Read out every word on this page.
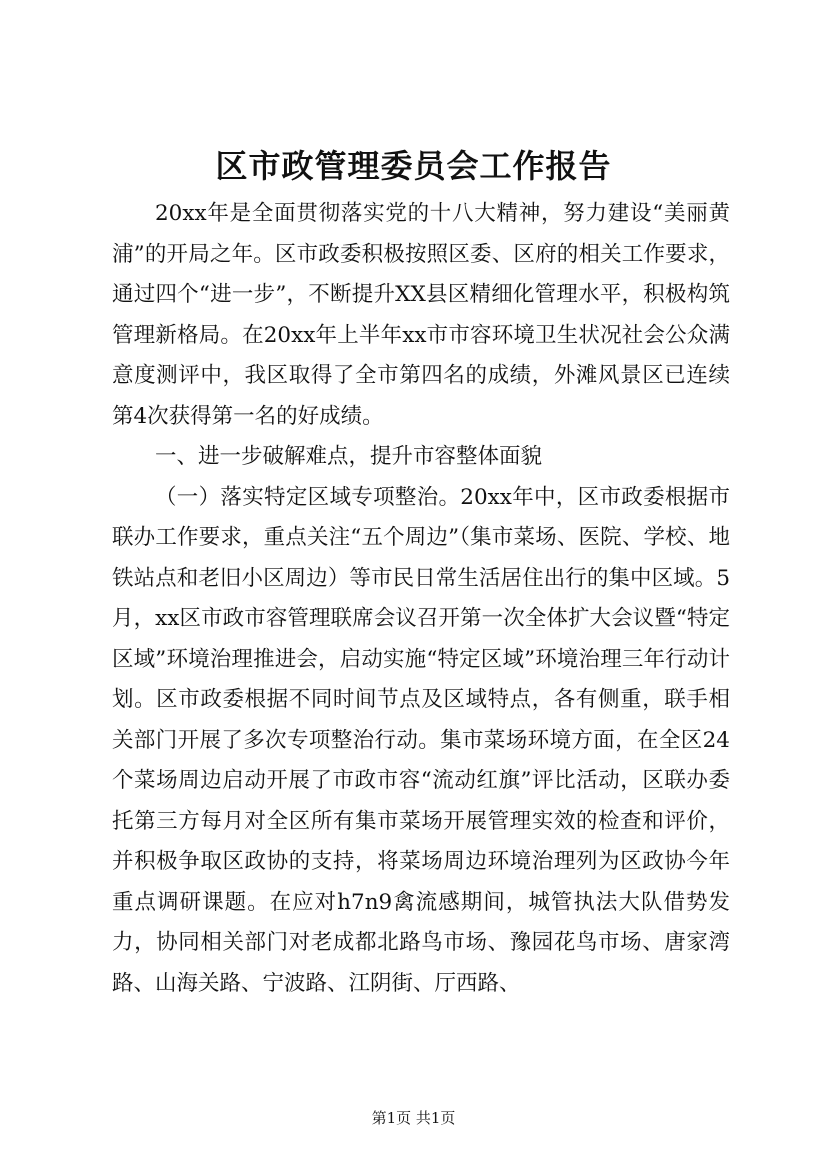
区市政管理委员会工作报告

20xx年是全面贯彻落实党的十八大精神，努力建设“美丽黄浦”的开局之年。区市政委积极按照区委、区府的相关工作要求，通过四个“进一步”，不断提升XX县区精细化管理水平，积极构筑管理新格局。在20xx年上半年xx市市容环境卫生状况社会公众满意度测评中，我区取得了全市第四名的成绩，外滩风景区已连续第4次获得第一名的好成绩。

一、进一步破解难点，提升市容整体面貌

（一）落实特定区域专项整治。20xx年中，区市政委根据市联办工作要求，重点关注“五个周边”（集市菜场、医院、学校、地铁站点和老旧小区周边）等市民日常生活居住出行的集中区域。5月，xx区市政市容管理联席会议召开第一次全体扩大会议暨“特定区域”环境治理推进会，启动实施“特定区域”环境治理三年行动计划。区市政委根据不同时间节点及区域特点，各有侧重，联手相关部门开展了多次专项整治行动。集市菜场环境方面，在全区24个菜场周边启动开展了市政市容“流动红旗”评比活动，区联办委托第三方每月对全区所有集市菜场开展管理实效的检查和评价，并积极争取区政协的支持，将菜场周边环境治理列为区政协今年重点调研课题。在应对h7n9禽流感期间，城管执法大队借势发力，协同相关部门对老成都北路鸟市场、豫园花鸟市场、唐家湾路、山海关路、宁波路、江阴街、厅西路、

第1页 共1页
